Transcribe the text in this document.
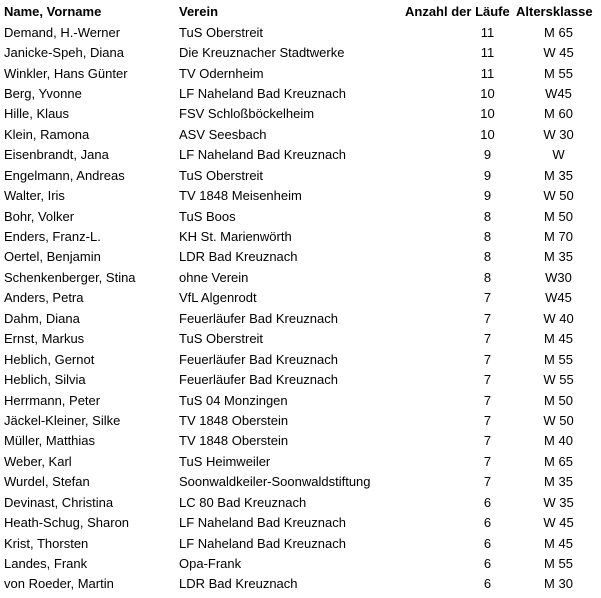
Name, Vorname	Verein	Anzahl der Läufe	Altersklasse
Demand, H.-Werner	TuS Oberstreit	11	M 65
Janicke-Speh, Diana	Die Kreuznacher Stadtwerke	11	W 45
Winkler, Hans Günter	TV Odernheim	11	M 55
Berg, Yvonne	LF Naheland Bad Kreuznach	10	W45
Hille, Klaus	FSV Schloßböckelheim	10	M 60
Klein, Ramona	ASV Seesbach	10	W 30
Eisenbrandt, Jana	LF Naheland Bad Kreuznach	9	W
Engelmann, Andreas	TuS Oberstreit	9	M 35
Walter, Iris	TV 1848 Meisenheim	9	W 50
Bohr, Volker	TuS Boos	8	M 50
Enders, Franz-L.	KH St. Marienwörth	8	M 70
Oertel, Benjamin	LDR Bad Kreuznach	8	M 35
Schenkenberger, Stina	ohne Verein	8	W30
Anders, Petra	VfL Algenrodt	7	W45
Dahm, Diana	Feuerläufer Bad Kreuznach	7	W 40
Ernst, Markus	TuS Oberstreit	7	M 45
Heblich, Gernot	Feuerläufer Bad Kreuznach	7	M 55
Heblich, Silvia	Feuerläufer Bad Kreuznach	7	W 55
Herrmann, Peter	TuS 04 Monzingen	7	M 50
Jäckel-Kleiner, Silke	TV 1848 Oberstein	7	W 50
Müller, Matthias	TV 1848 Oberstein	7	M 40
Weber, Karl	TuS Heimweiler	7	M 65
Wurdel, Stefan	Soonwaldkeiler-Soonwaldstiftung	7	M 35
Devinast, Christina	LC 80 Bad Kreuznach	6	W 35
Heath-Schug, Sharon	LF Naheland Bad Kreuznach	6	W 45
Krist, Thorsten	LF Naheland Bad Kreuznach	6	M 45
Landes, Frank	Opa-Frank	6	M 55
von Roeder, Martin	LDR Bad Kreuznach	6	M 30
